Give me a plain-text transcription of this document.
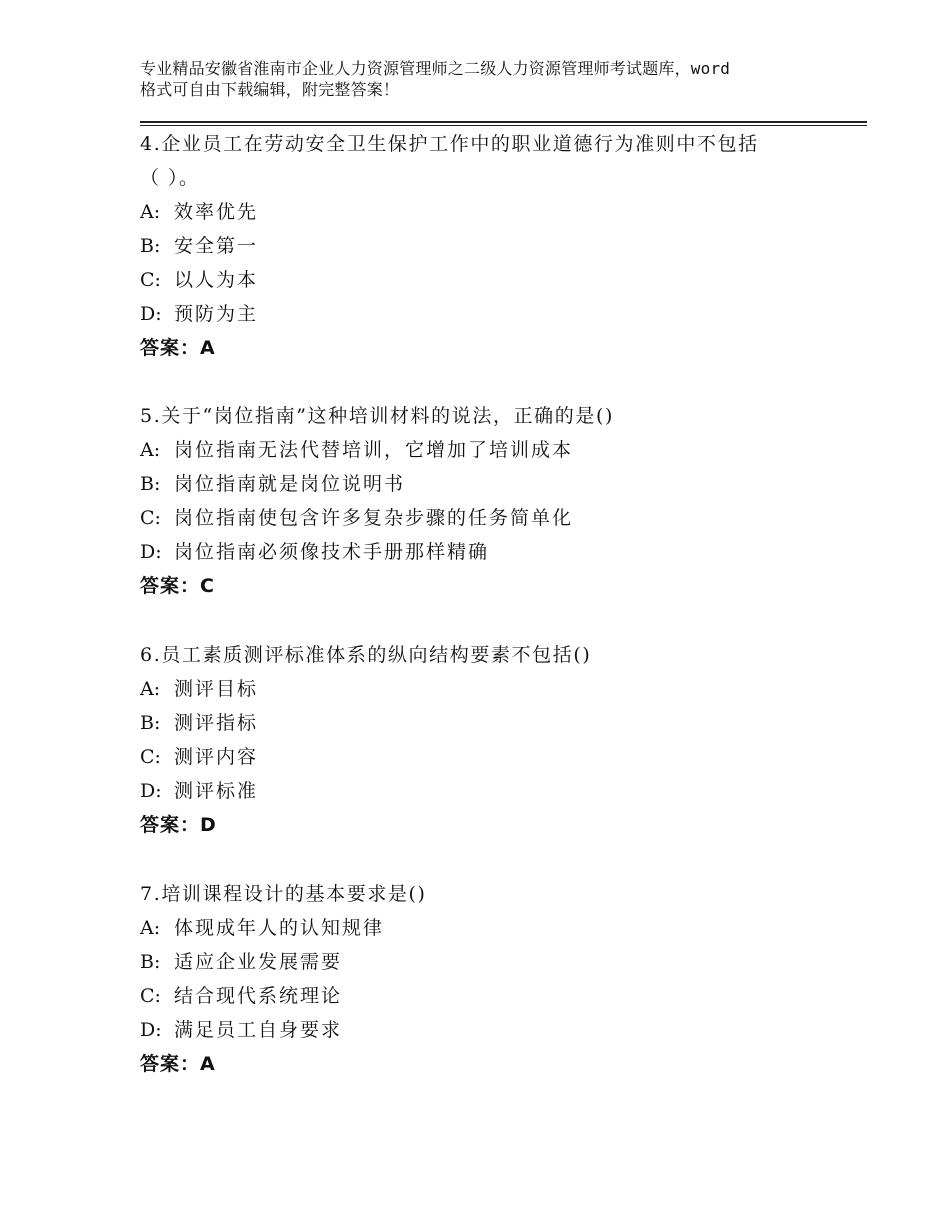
专业精品安徽省淮南市企业人力资源管理师之二级人力资源管理师考试题库，word
格式可自由下载编辑，附完整答案！
4.企业员工在劳动安全卫生保护工作中的职业道德行为准则中不包括
（ ）。
A: 效率优先
B: 安全第一
C: 以人为本
D: 预防为主
答案：A
5.关于“岗位指南”这种培训材料的说法，正确的是()
A: 岗位指南无法代替培训，它增加了培训成本
B: 岗位指南就是岗位说明书
C: 岗位指南使包含许多复杂步骤的任务简单化
D: 岗位指南必须像技术手册那样精确
答案：C
6.员工素质测评标准体系的纵向结构要素不包括()
A: 测评目标
B: 测评指标
C: 测评内容
D: 测评标准
答案：D
7.培训课程设计的基本要求是()
A: 体现成年人的认知规律
B: 适应企业发展需要
C: 结合现代系统理论
D: 满足员工自身要求
答案：A
